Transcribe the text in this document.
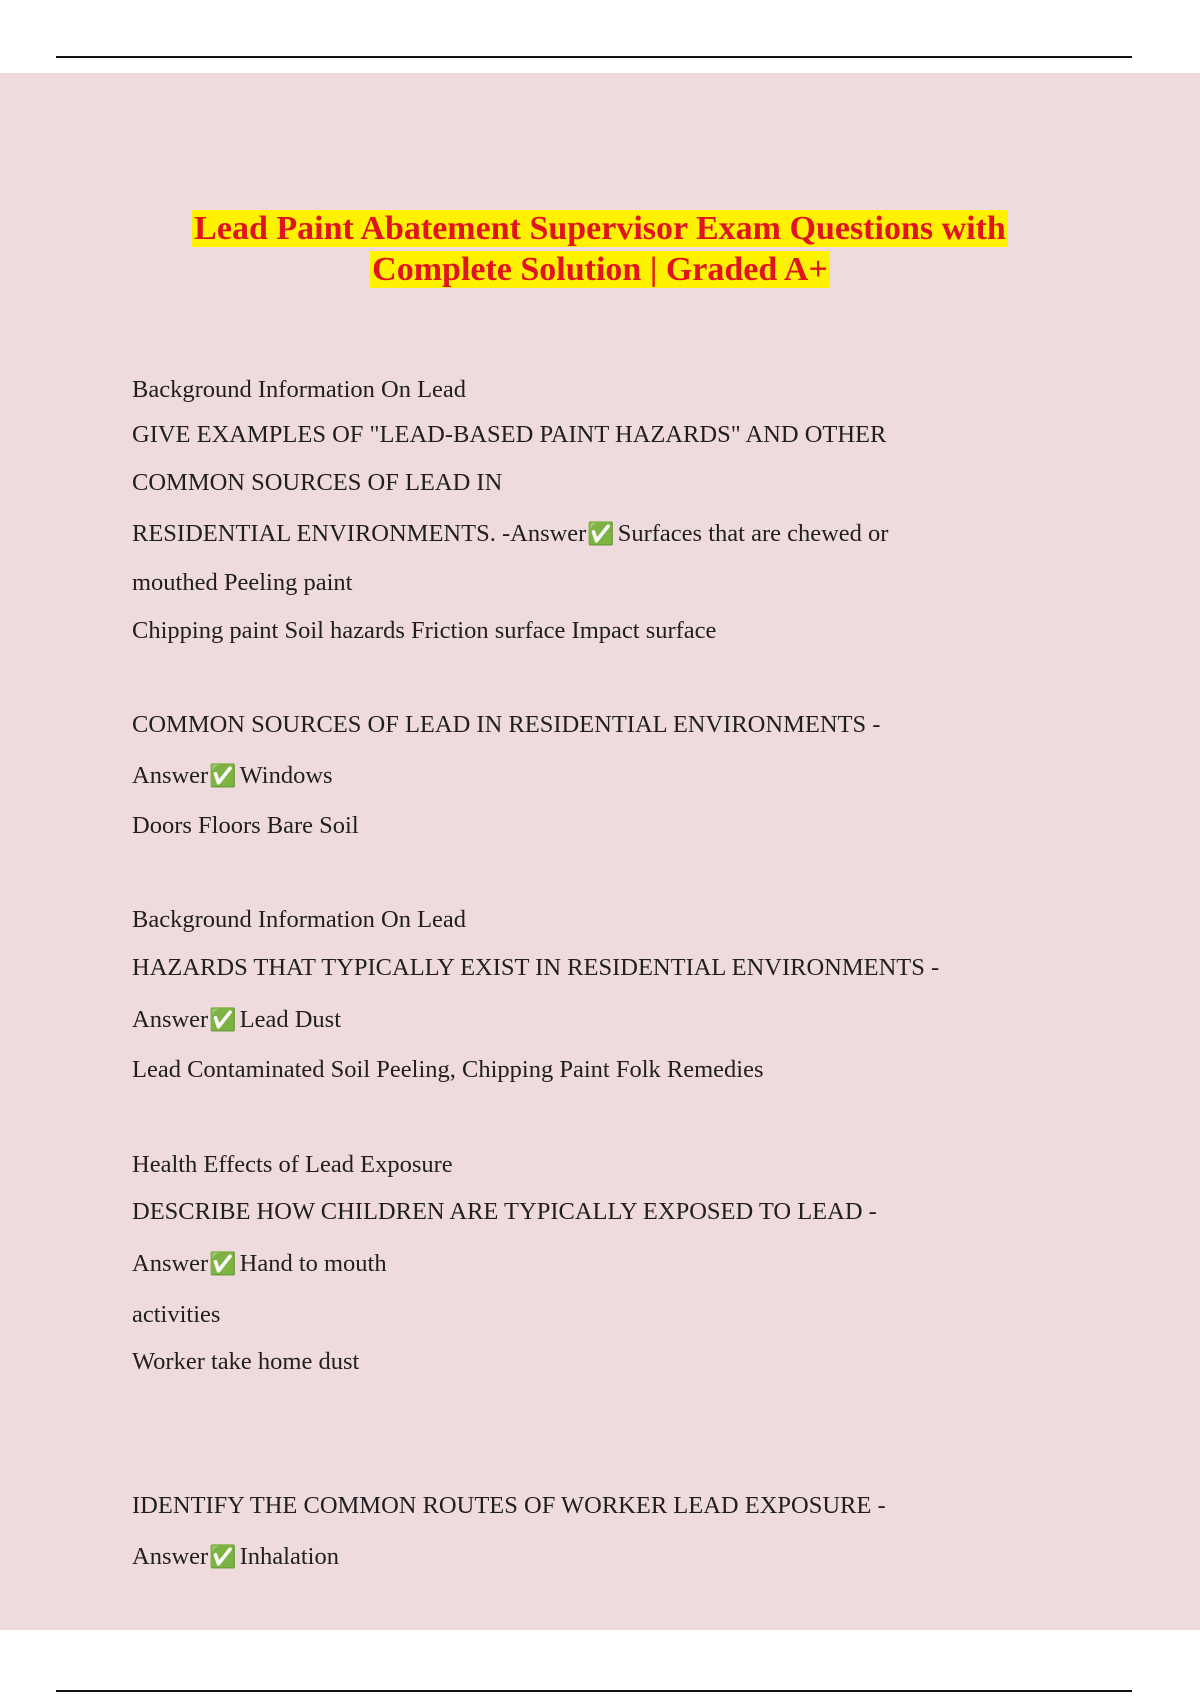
Lead Paint Abatement Supervisor Exam Questions with
Complete Solution | Graded A+
Background Information On Lead
GIVE EXAMPLES OF "LEAD-BASED PAINT HAZARDS" AND OTHER
COMMON SOURCES OF LEAD IN
RESIDENTIAL ENVIRONMENTS. -Answer✅ Surfaces that are chewed or
mouthed Peeling paint
Chipping paint Soil hazards Friction surface Impact surface
COMMON SOURCES OF LEAD IN RESIDENTIAL ENVIRONMENTS -
Answer✅ Windows
Doors Floors Bare Soil
Background Information On Lead
HAZARDS THAT TYPICALLY EXIST IN RESIDENTIAL ENVIRONMENTS -
Answer✅ Lead Dust
Lead Contaminated Soil Peeling, Chipping Paint Folk Remedies
Health Effects of Lead Exposure
DESCRIBE HOW CHILDREN ARE TYPICALLY EXPOSED TO LEAD -
Answer✅ Hand to mouth
activities
Worker take home dust
IDENTIFY THE COMMON ROUTES OF WORKER LEAD EXPOSURE -
Answer✅ Inhalation
